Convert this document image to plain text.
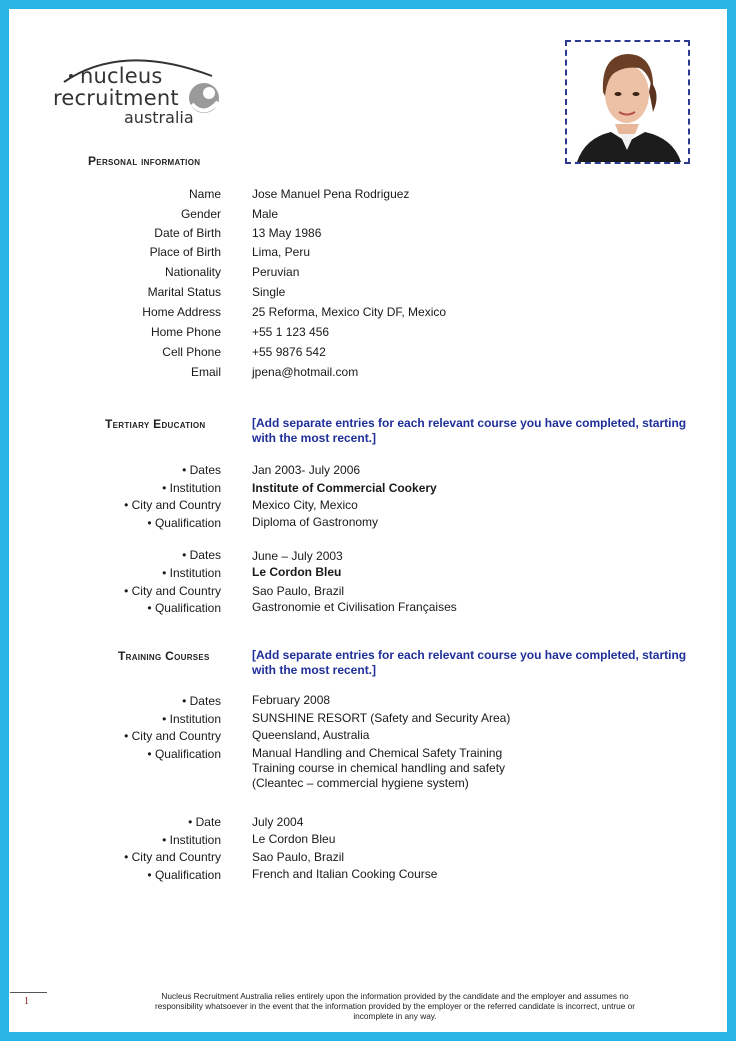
nucleus
recruitment
australia
Personal information
Name	Jose Manuel Pena Rodriguez
Gender	Male
Date of Birth	13 May 1986
Place of Birth	Lima, Peru
Nationality	Peruvian
Marital Status	Single
Home Address	25 Reforma, Mexico City DF, Mexico
Home Phone	+55 1 123 456
Cell Phone	+55 9876 542
Email	jpena@hotmail.com
Tertiary Education	[Add separate entries for each relevant course you have completed, starting with the most recent.]
• Dates	Jan 2003- July 2006
• Institution	Institute of Commercial Cookery
• City and Country	Mexico City, Mexico
• Qualification	Diploma of Gastronomy
• Dates	June – July 2003
• Institution	Le Cordon Bleu
• City and Country	Sao Paulo, Brazil
• Qualification	Gastronomie et Civilisation Françaises
Training Courses	[Add separate entries for each relevant course you have completed, starting with the most recent.]
• Dates	February 2008
• Institution	SUNSHINE RESORT (Safety and Security Area)
• City and Country	Queensland, Australia
• Qualification	Manual Handling and Chemical Safety Training
Training course in chemical handling and safety
(Cleantec – commercial hygiene system)
• Date	July 2004
• Institution	Le Cordon Bleu
• City and Country	Sao Paulo, Brazil
• Qualification	French and Italian Cooking Course
1	Nucleus Recruitment Australia relies entirely upon the information provided by the candidate and the employer and assumes no responsibility whatsoever in the event that the information provided by the employer or the referred candidate is incorrect, untrue or incomplete in any way.
